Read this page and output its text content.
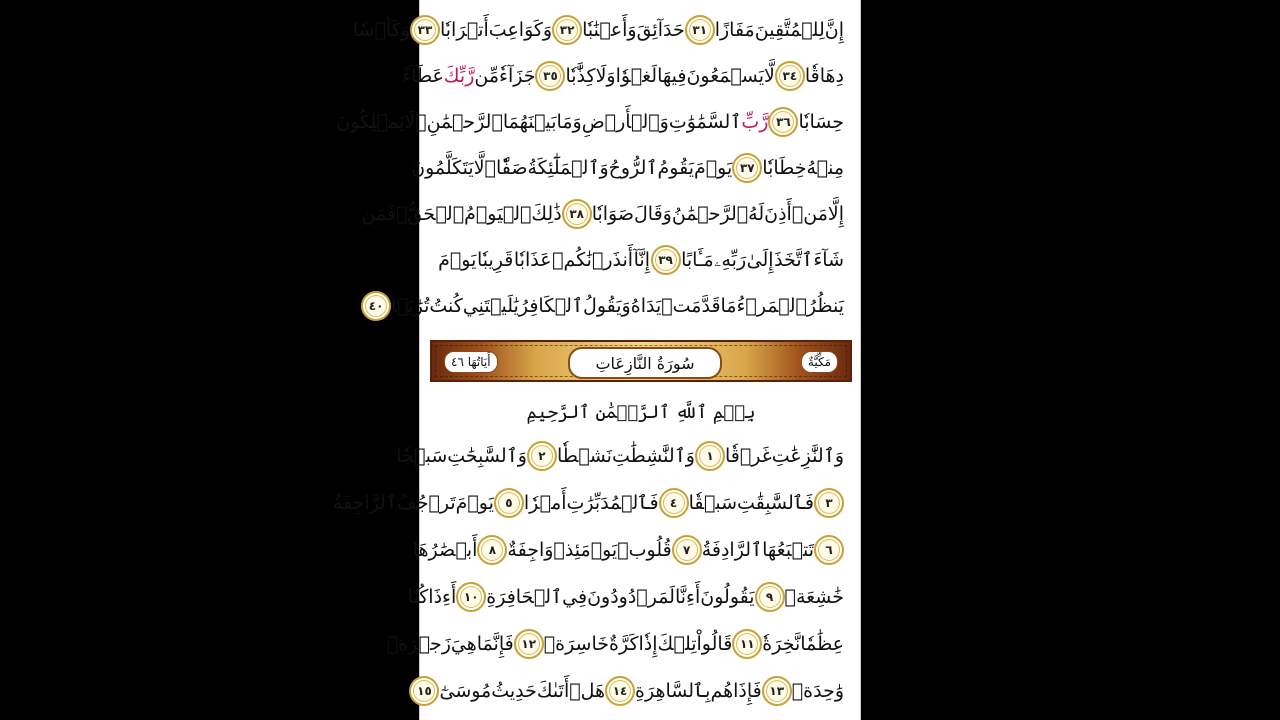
إِنَّ
لِلۡمُتَّقِينَ
مَفَازًا
٣١
حَدَآئِقَ
وَأَعۡنَٰبٗا
٣٢
وَكَوَاعِبَ
أَتۡرَابٗا
٣٣
وَكَأۡسٗا
دِهَاقٗا
٣٤
لَّا
يَسۡمَعُونَ
فِيهَا
لَغۡوٗا
وَلَا
كِذَّٰبٗا
٣٥
جَزَآءٗ
مِّن
رَّبِّكَ
عَطَآءً
حِسَابٗا
٣٦
رَّبِّ
ٱلسَّمَٰوَٰتِ
وَٱلۡأَرۡضِ
وَمَا
بَيۡنَهُمَا
ٱلرَّحۡمَٰنِۖ
لَا
يَمۡلِكُونَ
مِنۡهُ
خِطَابٗا
٣٧
يَوۡمَ
يَقُومُ
ٱلرُّوحُ
وَٱلۡمَلَٰٓئِكَةُ
صَفّٗاۖ
لَّا
يَتَكَلَّمُونَ
إِلَّا
مَنۡ
أَذِنَ
لَهُ
ٱلرَّحۡمَٰنُ
وَقَالَ
صَوَابٗا
٣٨
ذَٰلِكَ
ٱلۡيَوۡمُ
ٱلۡحَقُّۖ
فَمَن
شَآءَ
ٱتَّخَذَ
إِلَىٰ
رَبِّهِۦ
مَـَٔابًا
٣٩
إِنَّآ
أَنذَرۡنَٰكُمۡ
عَذَابٗا
قَرِيبٗا
يَوۡمَ
يَنظُرُ
ٱلۡمَرۡءُ
مَا
قَدَّمَتۡ
يَدَاهُ
وَيَقُولُ
ٱلۡكَافِرُ
يَٰلَيۡتَنِي
كُنتُ
تُرَٰبَۢا
٤٠
مَكِّيَّةٌ
سُورَةُ النَّازِعَاتِ
أَيَاتُهَا ٤٦
بِسۡمِ ٱللَّهِ ٱلرَّحۡمَٰنِ ٱلرَّحِيمِ
وَٱلنَّٰزِعَٰتِ
غَرۡقٗا
١
وَٱلنَّٰشِطَٰتِ
نَشۡطٗا
٢
وَٱلسَّٰبِحَٰتِ
سَبۡحٗا
٣
فَٱلسَّٰبِقَٰتِ
سَبۡقٗا
٤
فَٱلۡمُدَبِّرَٰتِ
أَمۡرٗا
٥
يَوۡمَ
تَرۡجُفُ
ٱلرَّاجِفَةُ
٦
تَتۡبَعُهَا
ٱلرَّادِفَةُ
٧
قُلُوبٞ
يَوۡمَئِذٖ
وَاجِفَةٌ
٨
أَبۡصَٰرُهَا
خَٰشِعَةٞ
٩
يَقُولُونَ
أَءِنَّا
لَمَرۡدُودُونَ
فِي
ٱلۡحَافِرَةِ
١٠
أَءِذَا
كُنَّا
عِظَٰمٗا
نَّخِرَةٗ
١١
قَالُواْ
تِلۡكَ
إِذٗا
كَرَّةٌ
خَاسِرَةٞ
١٢
فَإِنَّمَا
هِيَ
زَجۡرَةٞ
وَٰحِدَةٞ
١٣
فَإِذَا
هُم
بِٱلسَّاهِرَةِ
١٤
هَلۡ
أَتَىٰكَ
حَدِيثُ
مُوسَىٰٓ
١٥
